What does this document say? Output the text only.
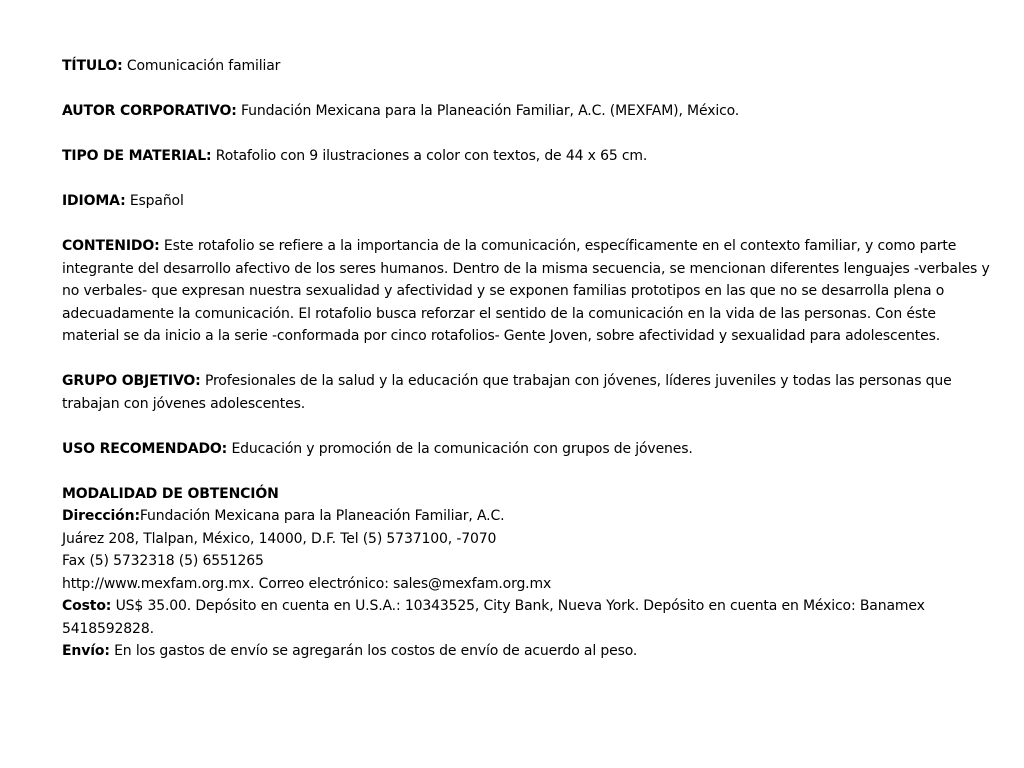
TÍTULO: Comunicación familiar
AUTOR CORPORATIVO: Fundación Mexicana para la Planeación Familiar, A.C. (MEXFAM), México.
TIPO DE MATERIAL: Rotafolio con 9 ilustraciones a color con textos, de 44 x 65 cm.
IDIOMA: Español
CONTENIDO: Este rotafolio se refiere a la importancia de la comunicación, específicamente en el contexto familiar, y como parte integrante del desarrollo afectivo de los seres humanos. Dentro de la misma secuencia, se mencionan diferentes lenguajes -verbales y no verbales- que expresan nuestra sexualidad y afectividad y se exponen familias prototipos en las que no se desarrolla plena o adecuadamente la comunicación. El rotafolio busca reforzar el sentido de la comunicación en la vida de las personas. Con éste material se da inicio a la serie -conformada por cinco rotafolios- Gente Joven, sobre afectividad y sexualidad para adolescentes.
GRUPO OBJETIVO: Profesionales de la salud y la educación que trabajan con jóvenes, líderes juveniles y todas las personas que trabajan con jóvenes adolescentes.
USO RECOMENDADO: Educación y promoción de la comunicación con grupos de jóvenes.
MODALIDAD DE OBTENCIÓN
Dirección:Fundación Mexicana para la Planeación Familiar, A.C.
Juárez 208, Tlalpan, México, 14000, D.F. Tel (5) 5737100, -7070
Fax (5) 5732318 (5) 6551265
http://www.mexfam.org.mx. Correo electrónico: sales@mexfam.org.mx
Costo: US$ 35.00. Depósito en cuenta en U.S.A.: 10343525, City Bank, Nueva York. Depósito en cuenta en México: Banamex 5418592828.
Envío: En los gastos de envío se agregarán los costos de envío de acuerdo al peso.
